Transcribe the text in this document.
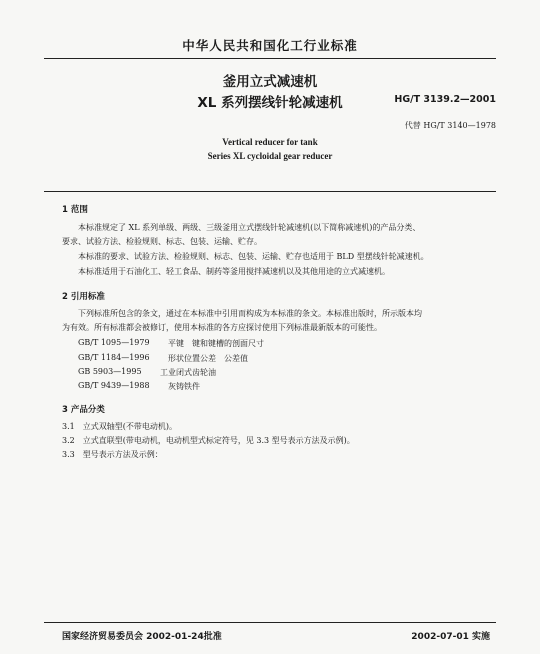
中华人民共和国化工行业标准
釜用立式减速机
XL 系列摆线针轮减速机	HG/T 3139.2—2001
代替 HG/T 3140—1978
Vertical reducer for tank
Series XL cycloidal gear reducer
1 范围
本标准规定了 XL 系列单级、两级、三级釜用立式摆线针轮减速机(以下简称减速机)的产品分类、
要求、试验方法、检验规则、标志、包装、运输、贮存。
本标准的要求、试验方法、检验规则、标志、包装、运输、贮存也适用于 BLD 型摆线针轮减速机。
本标准适用于石油化工、轻工食品、制药等釜用搅拌减速机以及其他用途的立式减速机。
2 引用标准
下列标准所包含的条文，通过在本标准中引用而构成为本标准的条文。本标准出版时，所示版本均
为有效。所有标准都会被修订，使用本标准的各方应探讨使用下列标准最新版本的可能性。
GB/T 1095—1979 平键　键和键槽的剖面尺寸
GB/T 1184—1996 形状位置公差　公差值
GB 5903—1995 工业闭式齿轮油
GB/T 9439—1988 灰铸铁件
3 产品分类
3.1　立式双轴型(不带电动机)。
3.2　立式直联型(带电动机，电动机型式标定符号，见 3.3 型号表示方法及示例)。
3.3　型号表示方法及示例：
国家经济贸易委员会 2002-01-24批准	2002-07-01 实施
